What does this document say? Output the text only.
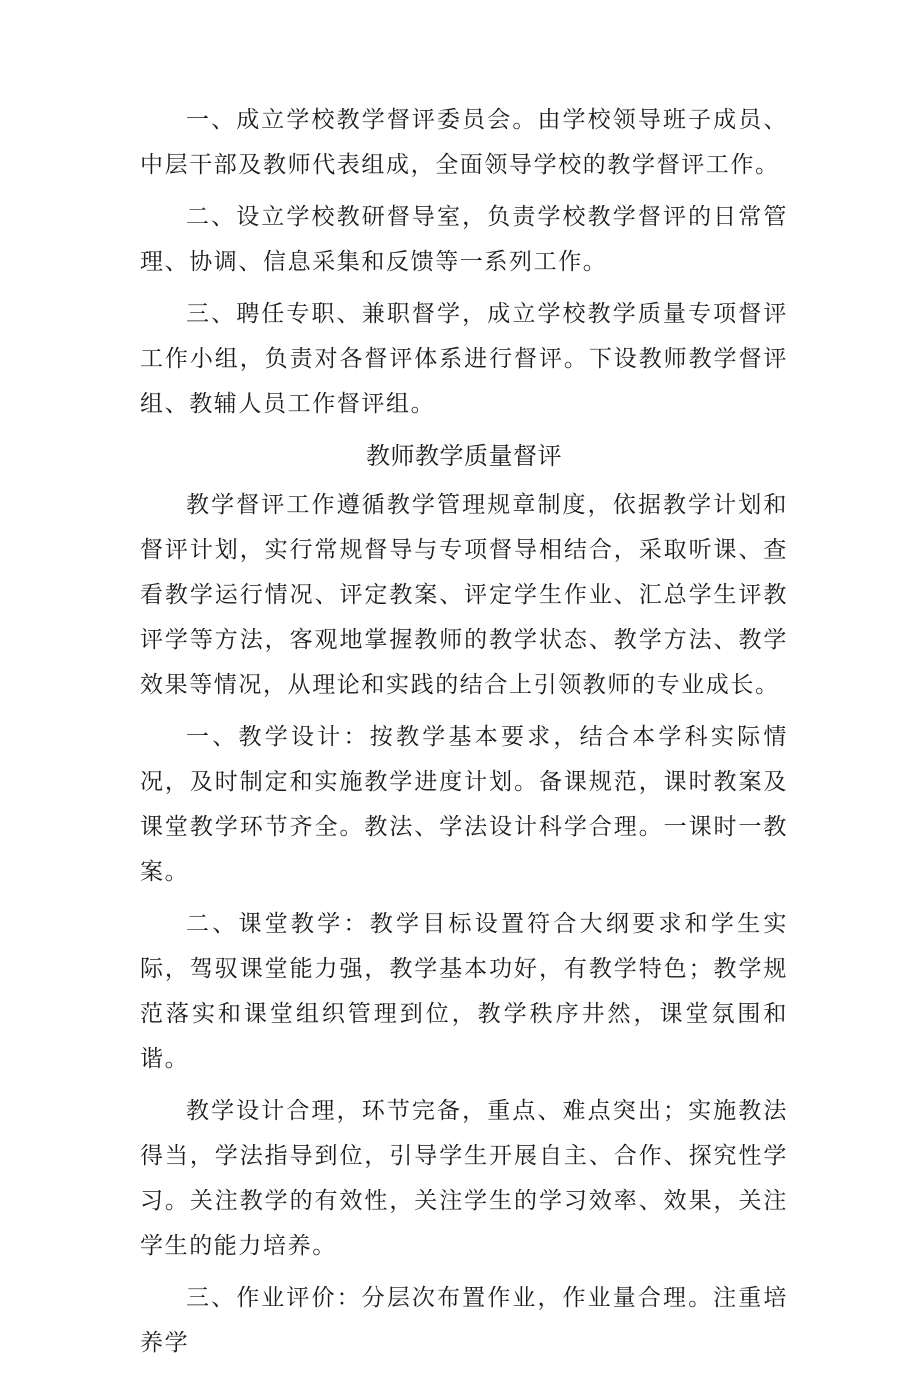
一、成立学校教学督评委员会。由学校领导班子成员、中层干部及教师代表组成，全面领导学校的教学督评工作。

二、设立学校教研督导室，负责学校教学督评的日常管理、协调、信息采集和反馈等一系列工作。

三、聘任专职、兼职督学，成立学校教学质量专项督评工作小组，负责对各督评体系进行督评。下设教师教学督评组、教辅人员工作督评组。

教师教学质量督评

教学督评工作遵循教学管理规章制度，依据教学计划和督评计划，实行常规督导与专项督导相结合，采取听课、查看教学运行情况、评定教案、评定学生作业、汇总学生评教评学等方法，客观地掌握教师的教学状态、教学方法、教学效果等情况，从理论和实践的结合上引领教师的专业成长。

一、教学设计：按教学基本要求，结合本学科实际情况，及时制定和实施教学进度计划。备课规范，课时教案及课堂教学环节齐全。教法、学法设计科学合理。一课时一教案。

二、课堂教学：教学目标设置符合大纲要求和学生实际，驾驭课堂能力强，教学基本功好，有教学特色；教学规范落实和课堂组织管理到位，教学秩序井然，课堂氛围和谐。

教学设计合理，环节完备，重点、难点突出；实施教法得当，学法指导到位，引导学生开展自主、合作、探究性学习。关注教学的有效性，关注学生的学习效率、效果，关注学生的能力培养。

三、作业评价：分层次布置作业，作业量合理。注重培养学
